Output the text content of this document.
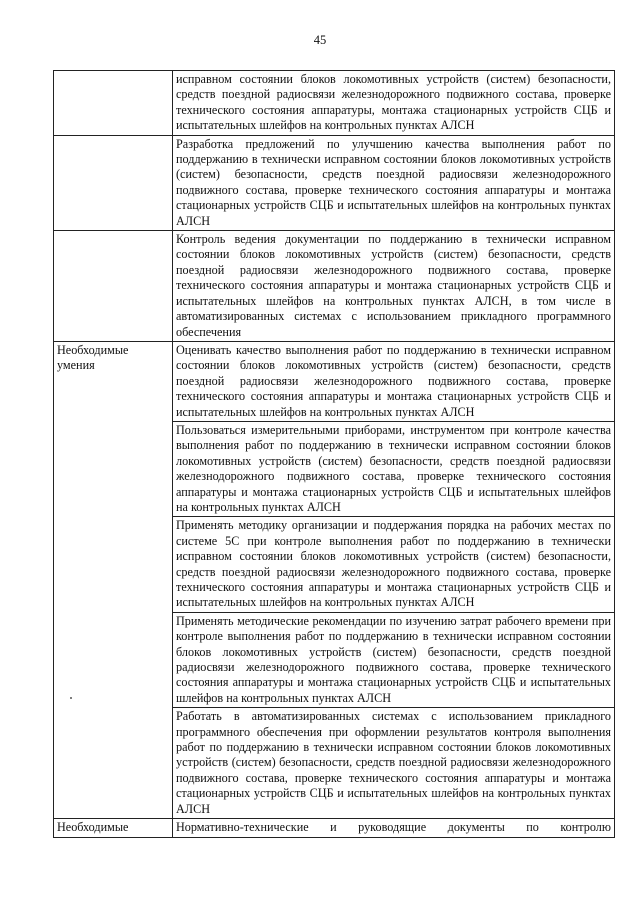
45
	исправном состоянии блоков локомотивных устройств (систем) безопасности, средств поездной радиосвязи железнодорожного подвижного состава, проверке технического состояния аппаратуры, монтажа стационарных устройств СЦБ и испытательных шлейфов на контрольных пунктах АЛСН
	Разработка предложений по улучшению качества выполнения работ по поддержанию в технически исправном состоянии блоков локомотивных устройств (систем) безопасности, средств поездной радиосвязи железнодорожного подвижного состава, проверке технического состояния аппаратуры и монтажа стационарных устройств СЦБ и испытательных шлейфов на контрольных пунктах АЛСН
	Контроль ведения документации по поддержанию в технически исправном состоянии блоков локомотивных устройств (систем) безопасности, средств поездной радиосвязи железнодорожного подвижного состава, проверке технического состояния аппаратуры и монтажа стационарных устройств СЦБ и испытательных шлейфов на контрольных пунктах АЛСН, в том числе в автоматизированных системах с использованием прикладного программного обеспечения
Необходимые умения	Оценивать качество выполнения работ по поддержанию в технически исправном состоянии блоков локомотивных устройств (систем) безопасности, средств поездной радиосвязи железнодорожного подвижного состава, проверке технического состояния аппаратуры и монтажа стационарных устройств СЦБ и испытательных шлейфов на контрольных пунктах АЛСН
	Пользоваться измерительными приборами, инструментом при контроле качества выполнения работ по поддержанию в технически исправном состоянии блоков локомотивных устройств (систем) безопасности, средств поездной радиосвязи железнодорожного подвижного состава, проверке технического состояния аппаратуры и монтажа стационарных устройств СЦБ и испытательных шлейфов на контрольных пунктах АЛСН
	Применять методику организации и поддержания порядка на рабочих местах по системе 5С при контроле выполнения работ по поддержанию в технически исправном состоянии блоков локомотивных устройств (систем) безопасности, средств поездной радиосвязи железнодорожного подвижного состава, проверке технического состояния аппаратуры и монтажа стационарных устройств СЦБ и испытательных шлейфов на контрольных пунктах АЛСН
	Применять методические рекомендации по изучению затрат рабочего времени при контроле выполнения работ по поддержанию в технически исправном состоянии блоков локомотивных устройств (систем) безопасности, средств поездной радиосвязи железнодорожного подвижного состава, проверке технического состояния аппаратуры и монтажа стационарных устройств СЦБ и испытательных шлейфов на контрольных пунктах АЛСН
	Работать в автоматизированных системах с использованием прикладного программного обеспечения при оформлении результатов контроля выполнения работ по поддержанию в технически исправном состоянии блоков локомотивных устройств (систем) безопасности, средств поездной радиосвязи железнодорожного подвижного состава, проверке технического состояния аппаратуры и монтажа стационарных устройств СЦБ и испытательных шлейфов на контрольных пунктах АЛСН
Необходимые	Нормативно-технические и руководящие документы по контролю
